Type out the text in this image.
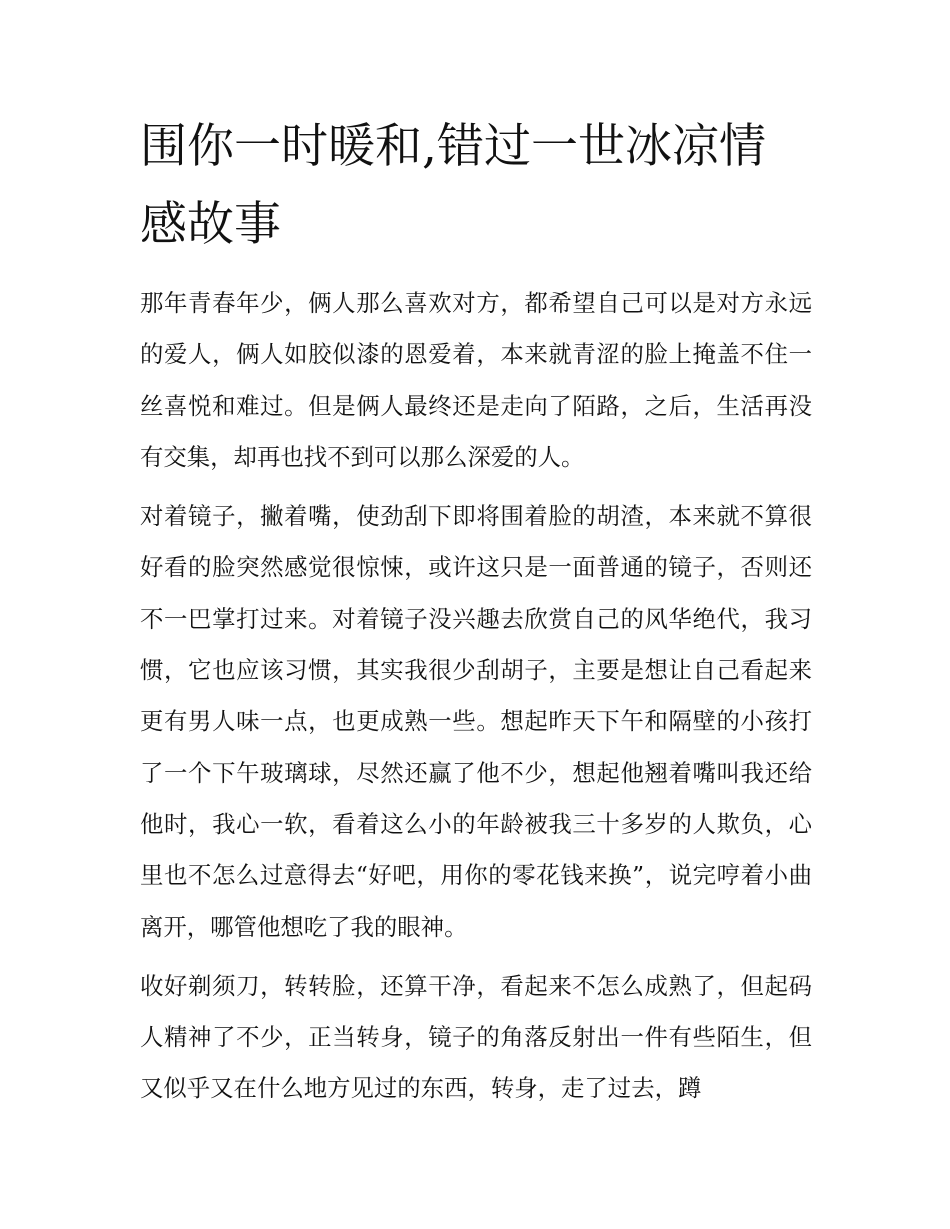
围你一时暖和,错过一世冰凉情感故事

那年青春年少，俩人那么喜欢对方，都希望自己可以是对方永远的爱人，俩人如胶似漆的恩爱着，本来就青涩的脸上掩盖不住一丝喜悦和难过。但是俩人最终还是走向了陌路，之后，生活再没有交集，却再也找不到可以那么深爱的人。

对着镜子，撇着嘴，使劲刮下即将围着脸的胡渣，本来就不算很好看的脸突然感觉很惊悚，或许这只是一面普通的镜子，否则还不一巴掌打过来。对着镜子没兴趣去欣赏自己的风华绝代，我习惯，它也应该习惯，其实我很少刮胡子，主要是想让自己看起来更有男人味一点，也更成熟一些。想起昨天下午和隔壁的小孩打了一个下午玻璃球，尽然还赢了他不少，想起他翘着嘴叫我还给他时，我心一软，看着这么小的年龄被我三十多岁的人欺负，心里也不怎么过意得去“好吧，用你的零花钱来换”，说完哼着小曲离开，哪管他想吃了我的眼神。

收好剃须刀，转转脸，还算干净，看起来不怎么成熟了，但起码人精神了不少，正当转身，镜子的角落反射出一件有些陌生，但又似乎又在什么地方见过的东西，转身，走了过去，蹲
